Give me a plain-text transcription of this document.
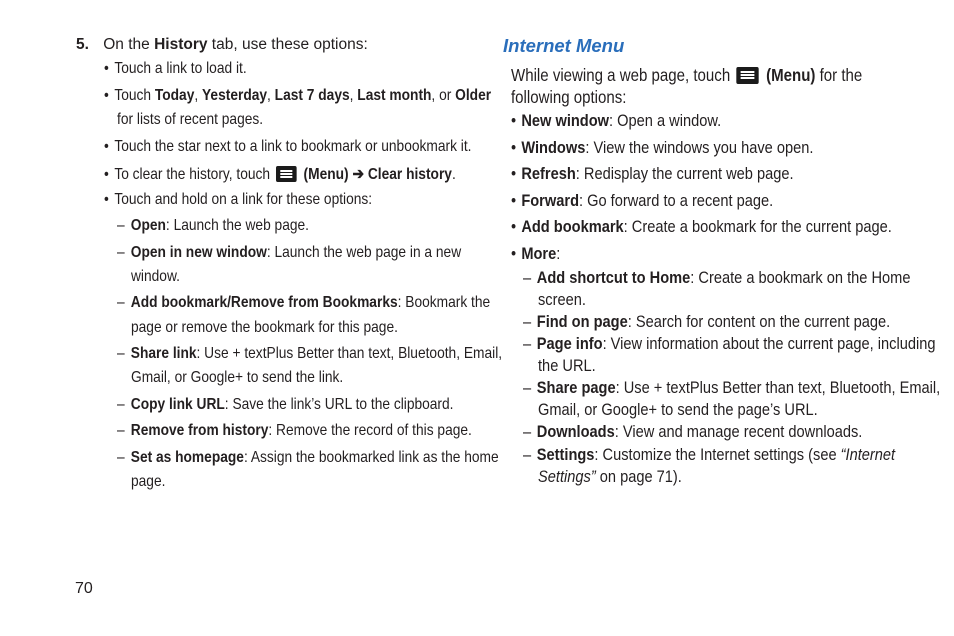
5. On the History tab, use these options:
• Touch a link to load it.
• Touch Today, Yesterday, Last 7 days, Last month, or Older
for lists of recent pages.
• Touch the star next to a link to bookmark or unbookmark it.
• To clear the history, touch (Menu) ➔ Clear history.
• Touch and hold on a link for these options:
– Open: Launch the web page.
– Open in new window: Launch the web page in a new
window.
– Add bookmark/Remove from Bookmarks: Bookmark the
page or remove the bookmark for this page.
– Share link: Use + textPlus Better than text, Bluetooth, Email,
Gmail, or Google+ to send the link.
– Copy link URL: Save the link’s URL to the clipboard.
– Remove from history: Remove the record of this page.
– Set as homepage: Assign the bookmarked link as the home
page.
Internet Menu
While viewing a web page, touch (Menu) for the
following options:
• New window: Open a window.
• Windows: View the windows you have open.
• Refresh: Redisplay the current web page.
• Forward: Go forward to a recent page.
• Add bookmark: Create a bookmark for the current page.
• More:
– Add shortcut to Home: Create a bookmark on the Home
screen.
– Find on page: Search for content on the current page.
– Page info: View information about the current page, including
the URL.
– Share page: Use + textPlus Better than text, Bluetooth, Email,
Gmail, or Google+ to send the page’s URL.
– Downloads: View and manage recent downloads.
– Settings: Customize the Internet settings (see “Internet
Settings” on page 71).
70
